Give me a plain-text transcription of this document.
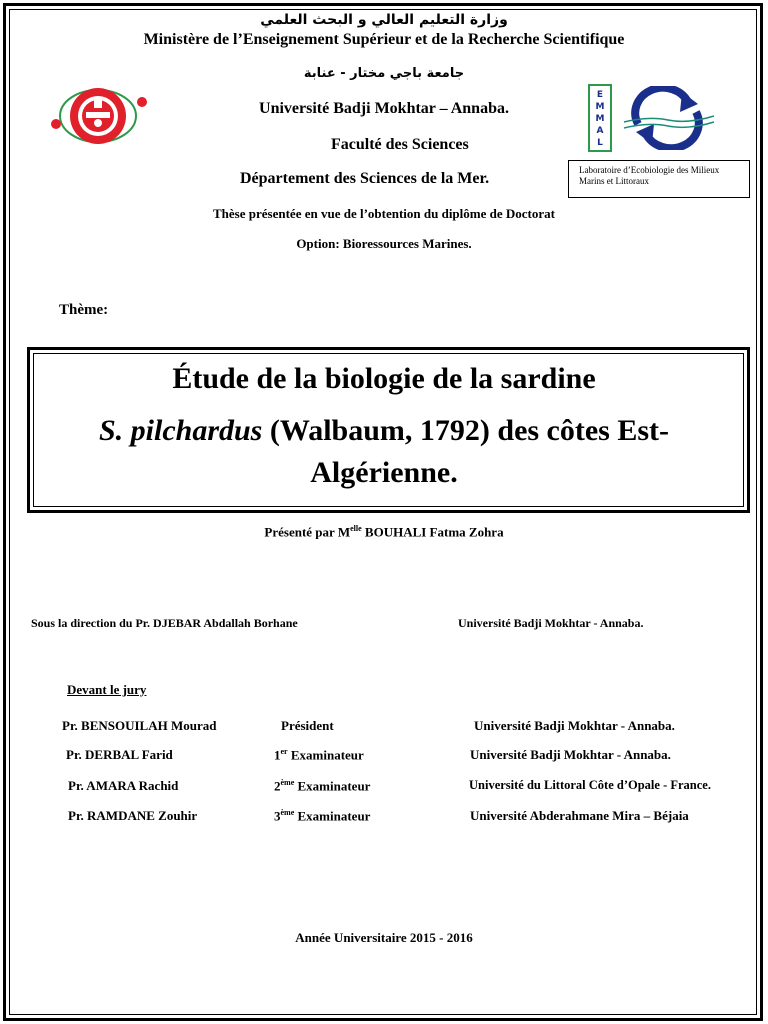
وزارة التعليم العالي و البحث العلمي
Ministère de l’Enseignement Supérieur et de la Recherche Scientifique
جامعة باجي مختار - عنابة
Université Badji Mokhtar – Annaba.
Faculté des Sciences
Département des Sciences de la Mer.
E
M
M
A
L
Laboratoire d’Ecobiologie des Milieux
Marins et Littoraux
Thèse présentée en vue de l’obtention du diplôme de Doctorat
Option: Bioressources Marines.
Thème:
Étude de la biologie de la sardine
S. pilchardus (Walbaum, 1792) des côtes Est-
Algérienne.
Présenté par $M^{elle}$ BOUHALI Fatma Zohra
Sous la direction du Pr. DJEBAR Abdallah Borhane	Université Badji Mokhtar - Annaba.
Devant le jury
Pr. BENSOUILAH Mourad	Président	Université Badji Mokhtar - Annaba.
Pr. DERBAL Farid	1er Examinateur	Université Badji Mokhtar - Annaba.
Pr. AMARA Rachid	2ème Examinateur	Université du Littoral Côte d’Opale - France.
Pr. RAMDANE Zouhir	3ème Examinateur	Université Abderahmane Mira – Béjaia
Année Universitaire 2015 - 2016
